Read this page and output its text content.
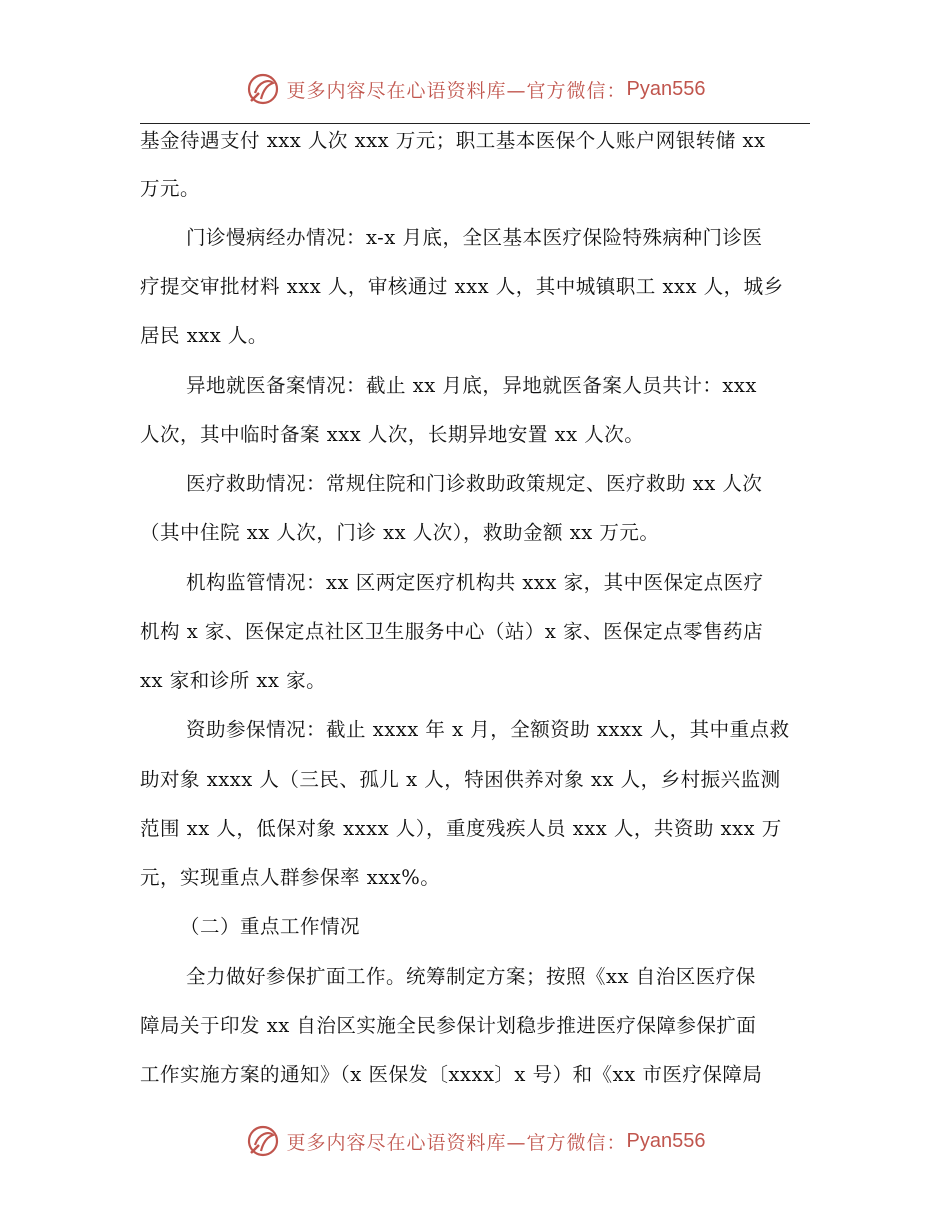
更多内容尽在心语资料库—官方微信： Pyan556
基金待遇支付 xxx 人次 xxx 万元；职工基本医保个人账户网银转储 xx
万元。
门诊慢病经办情况：x-x 月底，全区基本医疗保险特殊病种门诊医
疗提交审批材料 xxx 人，审核通过 xxx 人，其中城镇职工 xxx 人，城乡
居民 xxx 人。
异地就医备案情况：截止 xx 月底，异地就医备案人员共计：xxx
人次，其中临时备案 xxx 人次，长期异地安置 xx 人次。
医疗救助情况：常规住院和门诊救助政策规定、医疗救助 xx 人次
（其中住院 xx 人次，门诊 xx 人次），救助金额 xx 万元。
机构监管情况：xx 区两定医疗机构共 xxx 家，其中医保定点医疗
机构 x 家、医保定点社区卫生服务中心（站）x 家、医保定点零售药店
xx 家和诊所 xx 家。
资助参保情况：截止 xxxx 年 x 月，全额资助 xxxx 人，其中重点救
助对象 xxxx 人（三民、孤儿 x 人，特困供养对象 xx 人，乡村振兴监测
范围 xx 人，低保对象 xxxx 人），重度残疾人员 xxx 人，共资助 xxx 万
元，实现重点人群参保率 xxx%。
（二）重点工作情况
全力做好参保扩面工作。统筹制定方案；按照《xx 自治区医疗保
障局关于印发 xx 自治区实施全民参保计划稳步推进医疗保障参保扩面
工作实施方案的通知》（x 医保发〔xxxx〕x 号）和《xx 市医疗保障局
更多内容尽在心语资料库—官方微信： Pyan556
